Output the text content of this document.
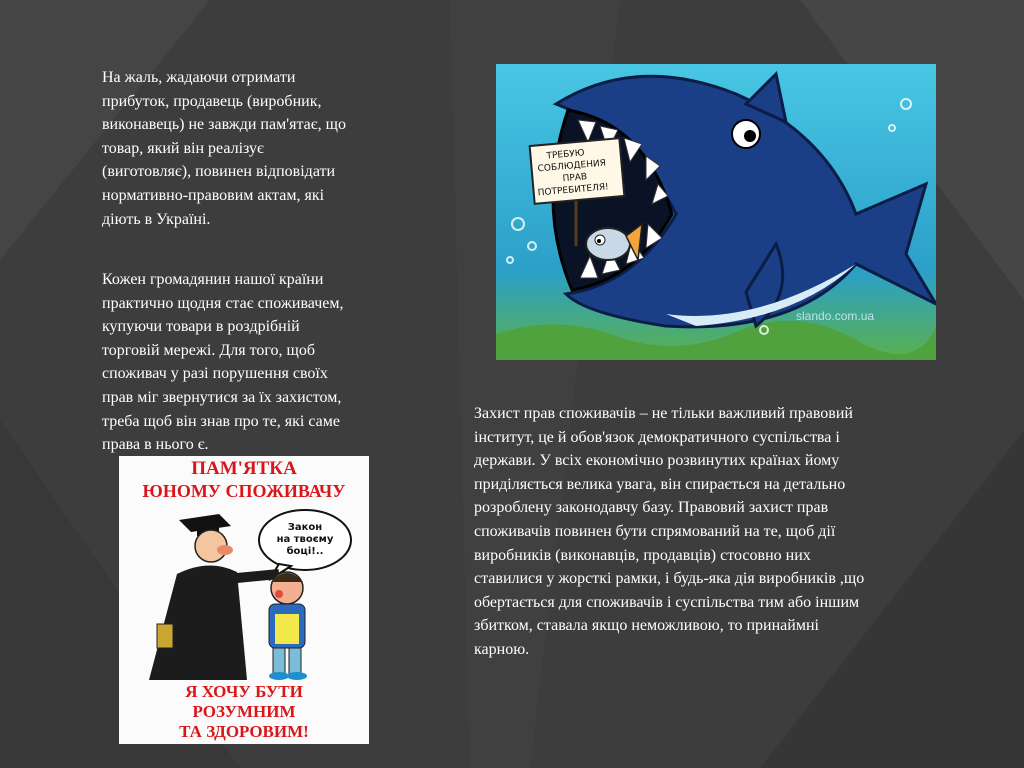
На жаль, жадаючи отримати
прибуток, продавець (виробник,
виконавець) не завжди пам'ятає, що
товар, який він реалізує
(виготовляє), повинен відповідати
нормативно-правовим актам, які
діють в Україні.

Кожен громадянин нашої країни
практично щодня стає споживачем,
купуючи товари в роздрібній
торговій мережі. Для того, щоб
споживач у разі порушення своїх
прав міг звернутися за їх захистом,
треба щоб він знав про те, які саме
права в нього є.

Захист прав споживачів – не тільки важливий правовий
інститут, це й обов'язок демократичного суспільства і
держави. У всіх економічно розвинутих країнах йому
приділяється велика увага, він спирається на детально
розроблену законодавчу базу. Правовий захист прав
споживачів повинен бути спрямований на те, щоб дії
виробників (виконавців, продавців) стосовно них
ставилися у жорсткі рамки, і будь-яка дія виробників ,що
обертається для споживачів і суспільства тим або іншим
збитком, ставала якщо неможливою, то принаймні
карною.

slando.com.ua
ТРЕБУЮ
СОБЛЮДЕНИЯ
ПРАВ
ПОТРЕБИТЕЛЯ!

ПАМ'ЯТКА

ЮНОМУ СПОЖИВАЧУ

Закон
на твоєму
боці!..

Я ХОЧУ БУТИ

РОЗУМНИМ

ТА ЗДОРОВИМ!
